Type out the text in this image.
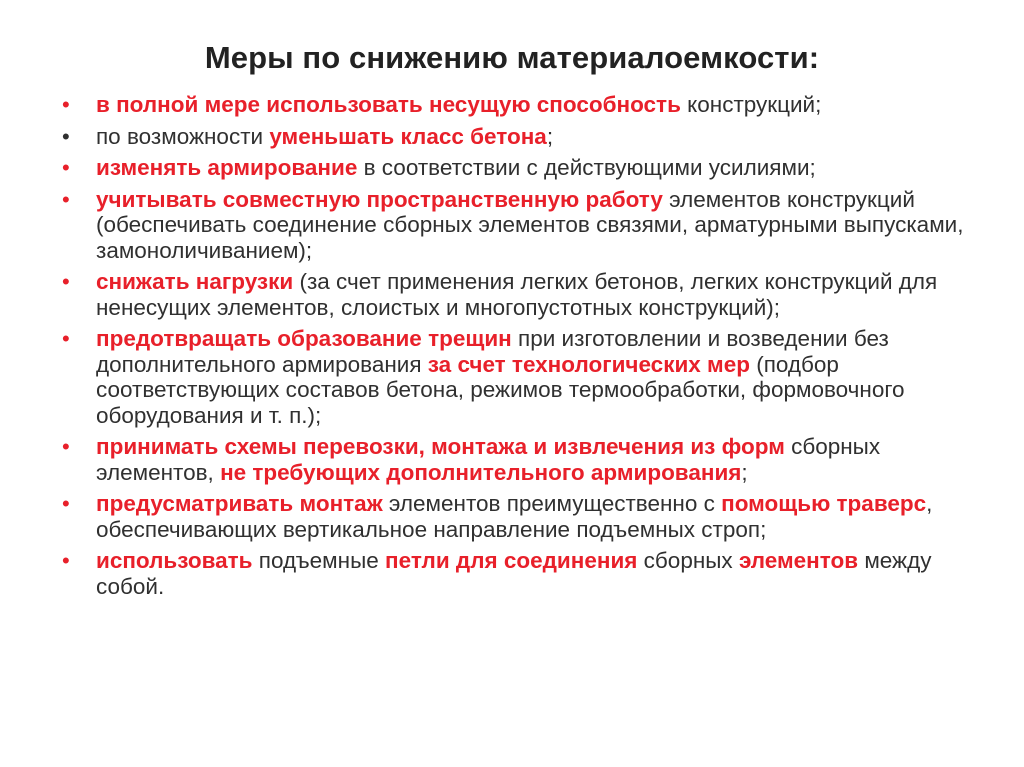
Меры по снижению материалоемкости:
•	в полной мере использовать несущую способность конструкций;
•	по возможности уменьшать класс бетона;
•	изменять армирование в соответствии с действующими усилиями;
•	учитывать совместную пространственную работу элементов конструкций (обеспечивать соединение сборных элементов связями, арматурными выпусками, замоноличиванием);
•	снижать нагрузки (за счет применения легких бетонов, легких конструкций для ненесущих элементов, слоистых и многопустотных конструкций);
•	предотвращать образование трещин при изготовлении и возведении без дополнительного армирования за счет технологических мер (подбор соответствующих составов бетона, режимов термообработки, формовочного оборудования и т. п.);
•	принимать схемы перевозки, монтажа и извлечения из форм сборных элементов, не требующих дополнительного армирования;
•	предусматривать монтаж элементов преимущественно с помощью траверс, обеспечивающих вертикальное направление подъемных строп;
•	использовать подъемные петли для соединения сборных элементов между собой.
